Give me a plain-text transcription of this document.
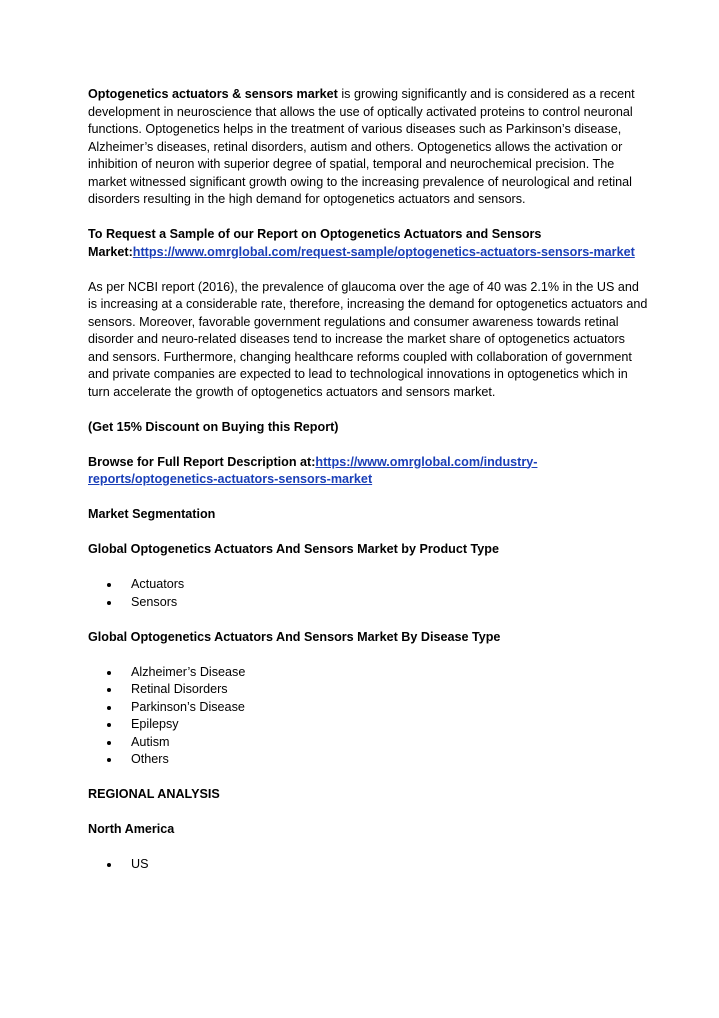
Optogenetics actuators & sensors market is growing significantly and is considered as a recent development in neuroscience that allows the use of optically activated proteins to control neuronal functions. Optogenetics helps in the treatment of various diseases such as Parkinson’s disease, Alzheimer’s diseases, retinal disorders, autism and others. Optogenetics allows the activation or inhibition of neuron with superior degree of spatial, temporal and neurochemical precision. The market witnessed significant growth owing to the increasing prevalence of neurological and retinal disorders resulting in the high demand for optogenetics actuators and sensors.

To Request a Sample of our Report on Optogenetics Actuators and Sensors Market:https://www.omrglobal.com/request-sample/optogenetics-actuators-sensors-market

As per NCBI report (2016), the prevalence of glaucoma over the age of 40 was 2.1% in the US and is increasing at a considerable rate, therefore, increasing the demand for optogenetics actuators and sensors. Moreover, favorable government regulations and consumer awareness towards retinal disorder and neuro-related diseases tend to increase the market share of optogenetics actuators and sensors. Furthermore, changing healthcare reforms coupled with collaboration of government and private companies are expected to lead to technological innovations in optogenetics which in turn accelerate the growth of optogenetics actuators and sensors market.

(Get 15% Discount on Buying this Report)

Browse for Full Report Description at:https://www.omrglobal.com/industry-reports/optogenetics-actuators-sensors-market

Market Segmentation

Global Optogenetics Actuators And Sensors Market by Product Type

Actuators
Sensors

Global Optogenetics Actuators And Sensors Market By Disease Type

Alzheimer’s Disease
Retinal Disorders
Parkinson’s Disease
Epilepsy
Autism
Others

REGIONAL ANALYSIS

North America

US
